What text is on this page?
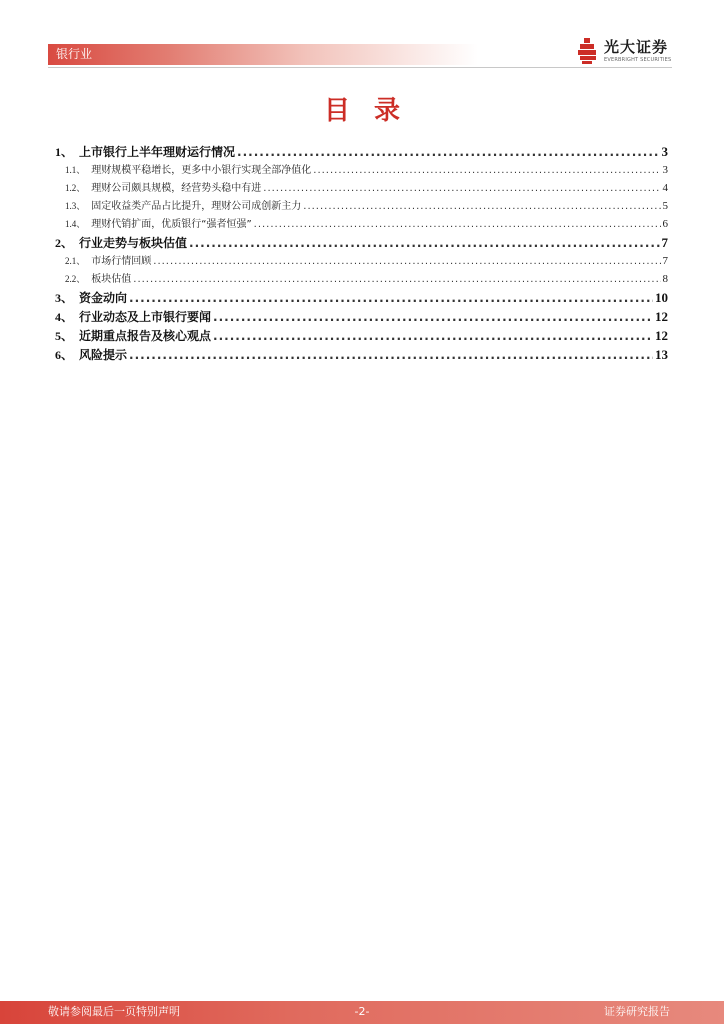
银行业	光大证券
EVERBRIGHT SECURITIES
目录
1、 上市银行上半年理财运行情况 .....	3
1.1、 理财规模平稳增长，更多中小银行实现全部净值化 .....	3
1.2、 理财公司颇具规模，经营势头稳中有进 .....	4
1.3、 固定收益类产品占比提升，理财公司成创新主力 .....	5
1.4、 理财代销扩面，优质银行“强者恒强” .....	6
2、 行业走势与板块估值 .....	7
2.1、 市场行情回顾 .....	7
2.2、 板块估值 .....	8
3、 资金动向 .....	10
4、 行业动态及上市银行要闻 .....	12
5、 近期重点报告及核心观点 .....	12
6、 风险提示 .....	13
敬请参阅最后一页特别声明	-2-	证券研究报告
